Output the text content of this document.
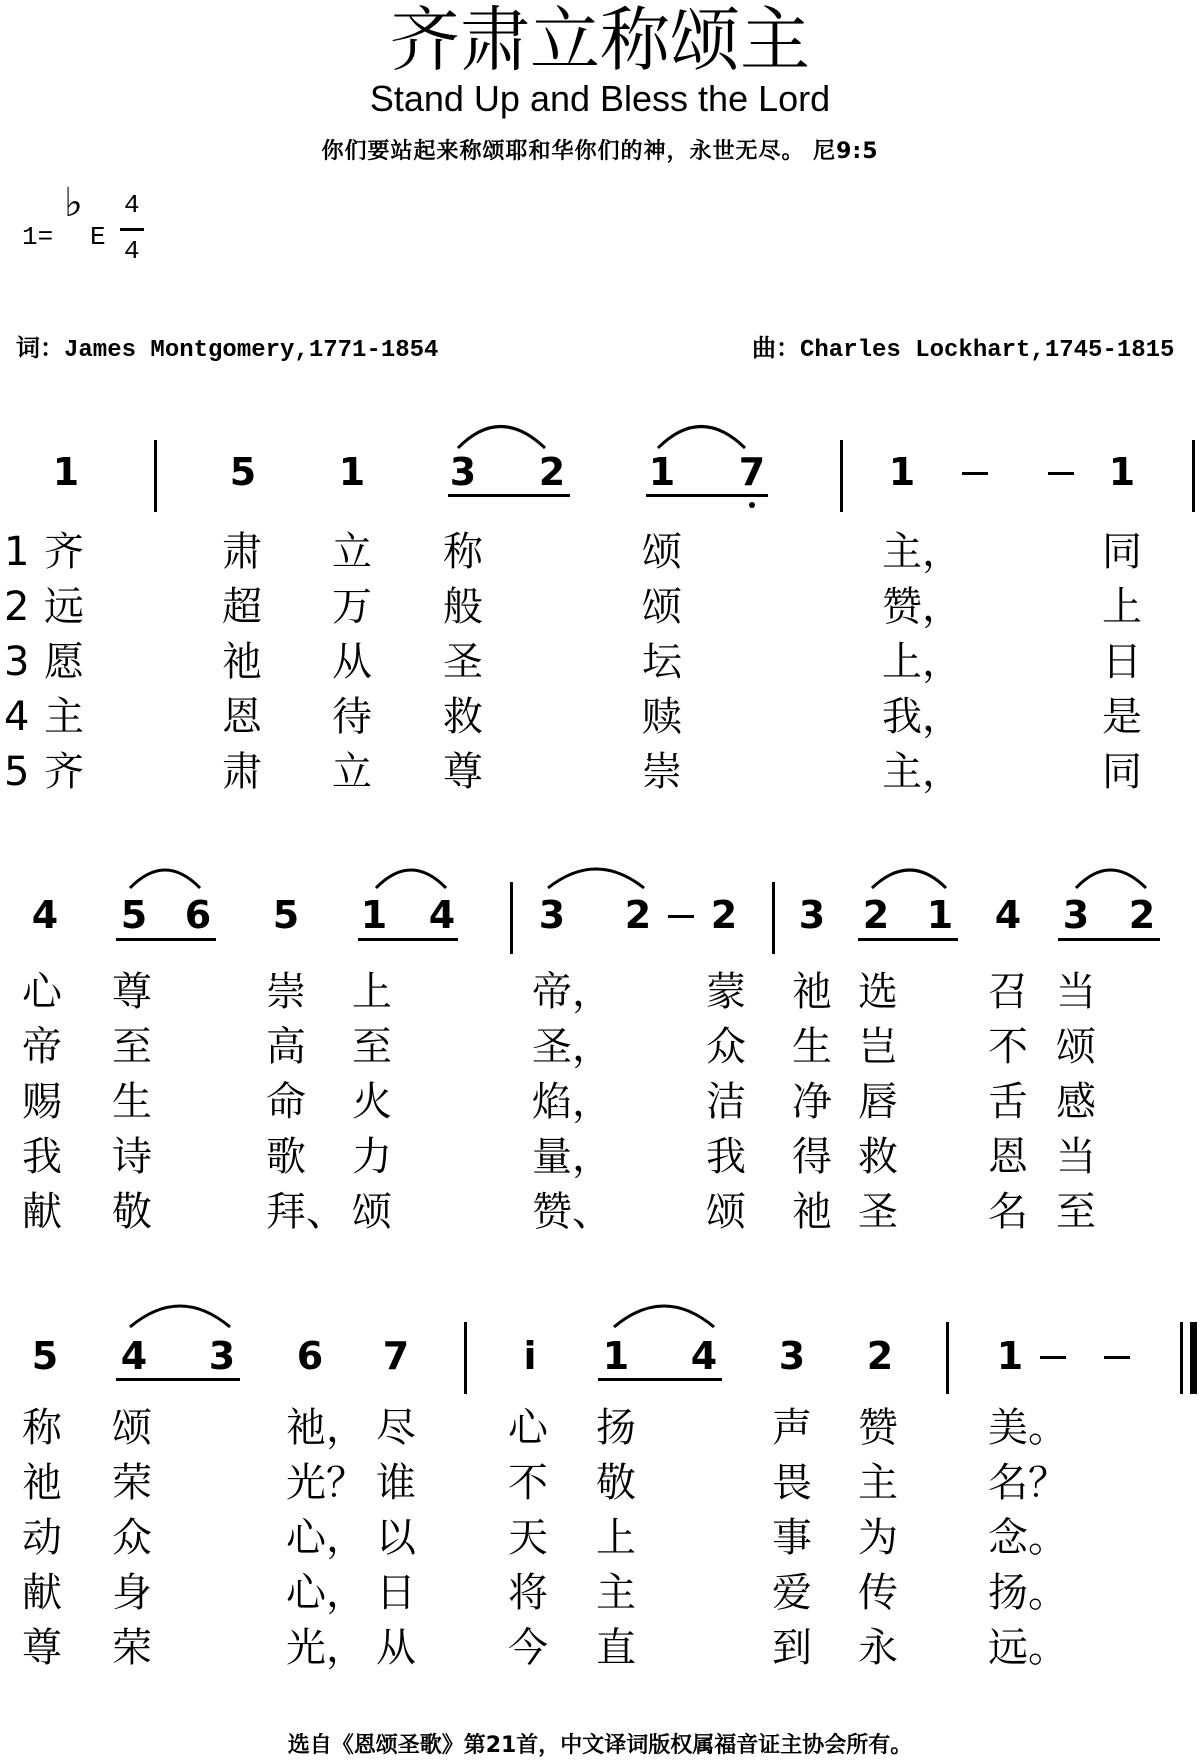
齐肃立称颂主
Stand Up and Bless the Lord
你们要站起来称颂耶和华你们的神，永世无尽。 尼9:5
1=
♭
E
4
4
词：James Montgomery,1771-1854	曲：Charles Lockhart,1745-1815
1	5	1	3	2	1	7	1	1
1 齐	肃 立 称	颂	主，	同
2 远	超 万 般	颂	赞，	上
3 愿	祂 从 圣	坛	上，	日
4 主	恩 待 救	赎	我，	是
5 齐	肃 立 尊	崇	主，	同
4	5 6	5	1	4	3	2	2	3 2 1	4	3	2
心 尊	崇 上	帝， 蒙 祂 选 召 当
帝 至	高 至	圣， 众 生 岂 不 颂
赐 生	命 火	焰， 洁 净 唇 舌 感
我 诗	歌 力	量， 我 得 救 恩 当
献 敬	拜、 颂	赞、 颂 祂 圣 名 至
5	4	3	6	7	i	1	4	3	2	1
称 颂	祂， 尽 心 扬	声 赞 美。
祂 荣	光？ 谁 不 敬	畏 主 名？
动 众	心， 以 天 上	事 为 念。
献 身	心， 日 将 主	爱 传 扬。
尊 荣	光， 从 今 直	到 永 远。
选自《恩颂圣歌》第21首，中文译词版权属福音证主协会所有。
